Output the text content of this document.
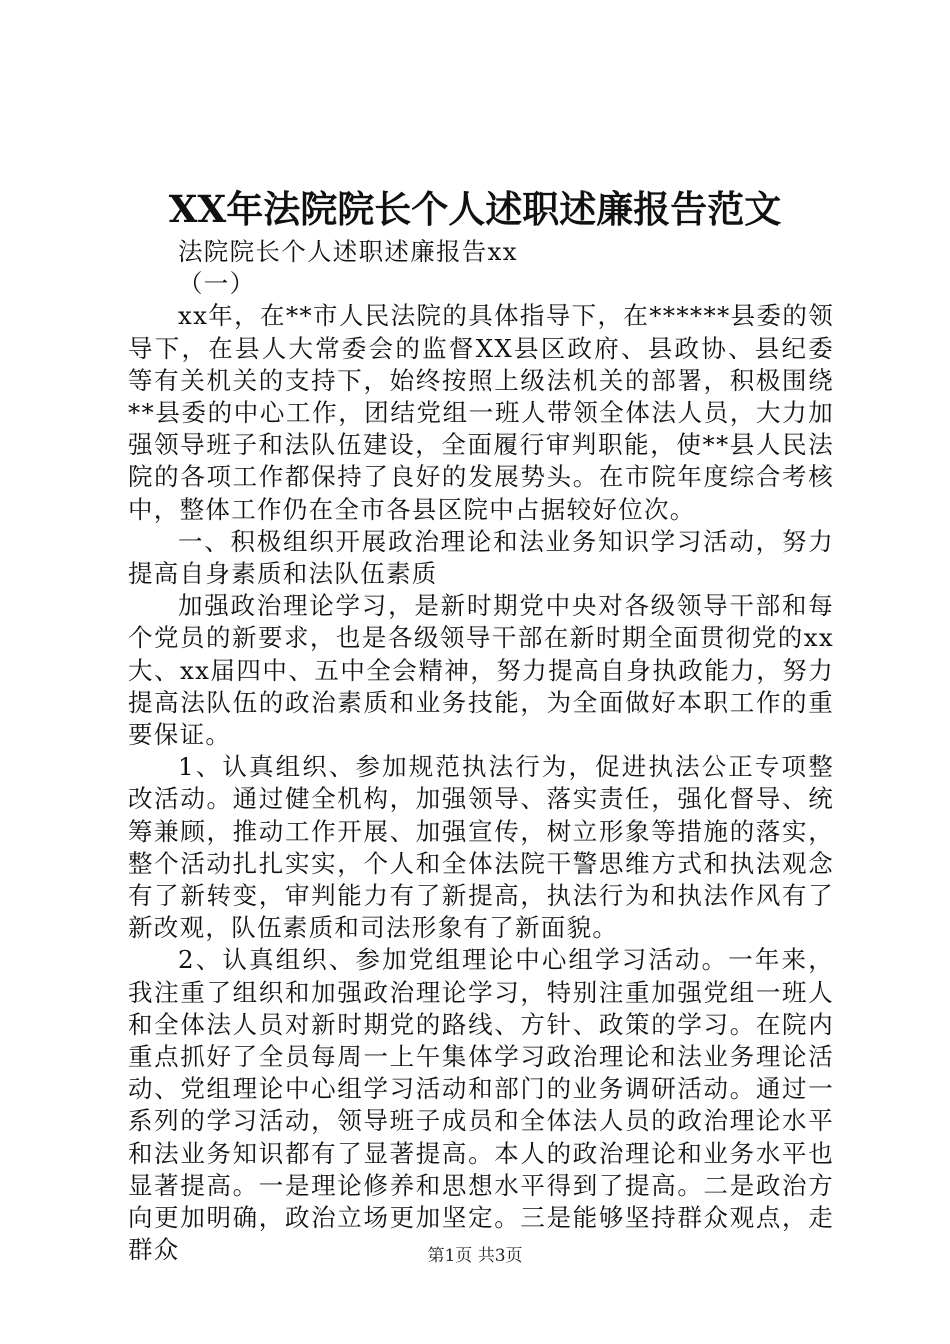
XX年法院院长个人述职述廉报告范文

法院院长个人述职述廉报告xx

（一）

xx年，在**市人民法院的具体指导下，在******县委的领导下，在县人大常委会的监督XX县区政府、县政协、县纪委等有关机关的支持下，始终按照上级法机关的部署，积极围绕**县委的中心工作，团结党组一班人带领全体法人员，大力加强领导班子和法队伍建设，全面履行审判职能，使**县人民法院的各项工作都保持了良好的发展势头。在市院年度综合考核中，整体工作仍在全市各县区院中占据较好位次。

一、积极组织开展政治理论和法业务知识学习活动，努力提高自身素质和法队伍素质

加强政治理论学习，是新时期党中央对各级领导干部和每个党员的新要求，也是各级领导干部在新时期全面贯彻党的xx大、xx届四中、五中全会精神，努力提高自身执政能力，努力提高法队伍的政治素质和业务技能，为全面做好本职工作的重要保证。

1、认真组织、参加规范执法行为，促进执法公正专项整改活动。通过健全机构，加强领导、落实责任，强化督导、统筹兼顾，推动工作开展、加强宣传，树立形象等措施的落实，整个活动扎扎实实，个人和全体法院干警思维方式和执法观念有了新转变，审判能力有了新提高，执法行为和执法作风有了新改观，队伍素质和司法形象有了新面貌。

2、认真组织、参加党组理论中心组学习活动。一年来，我注重了组织和加强政治理论学习，特别注重加强党组一班人和全体法人员对新时期党的路线、方针、政策的学习。在院内重点抓好了全员每周一上午集体学习政治理论和法业务理论活动、党组理论中心组学习活动和部门的业务调研活动。通过一系列的学习活动，领导班子成员和全体法人员的政治理论水平和法业务知识都有了显著提高。本人的政治理论和业务水平也显著提高。一是理论修养和思想水平得到了提高。二是政治方向更加明确，政治立场更加坚定。三是能够坚持群众观点，走群众	第1页 共3页
